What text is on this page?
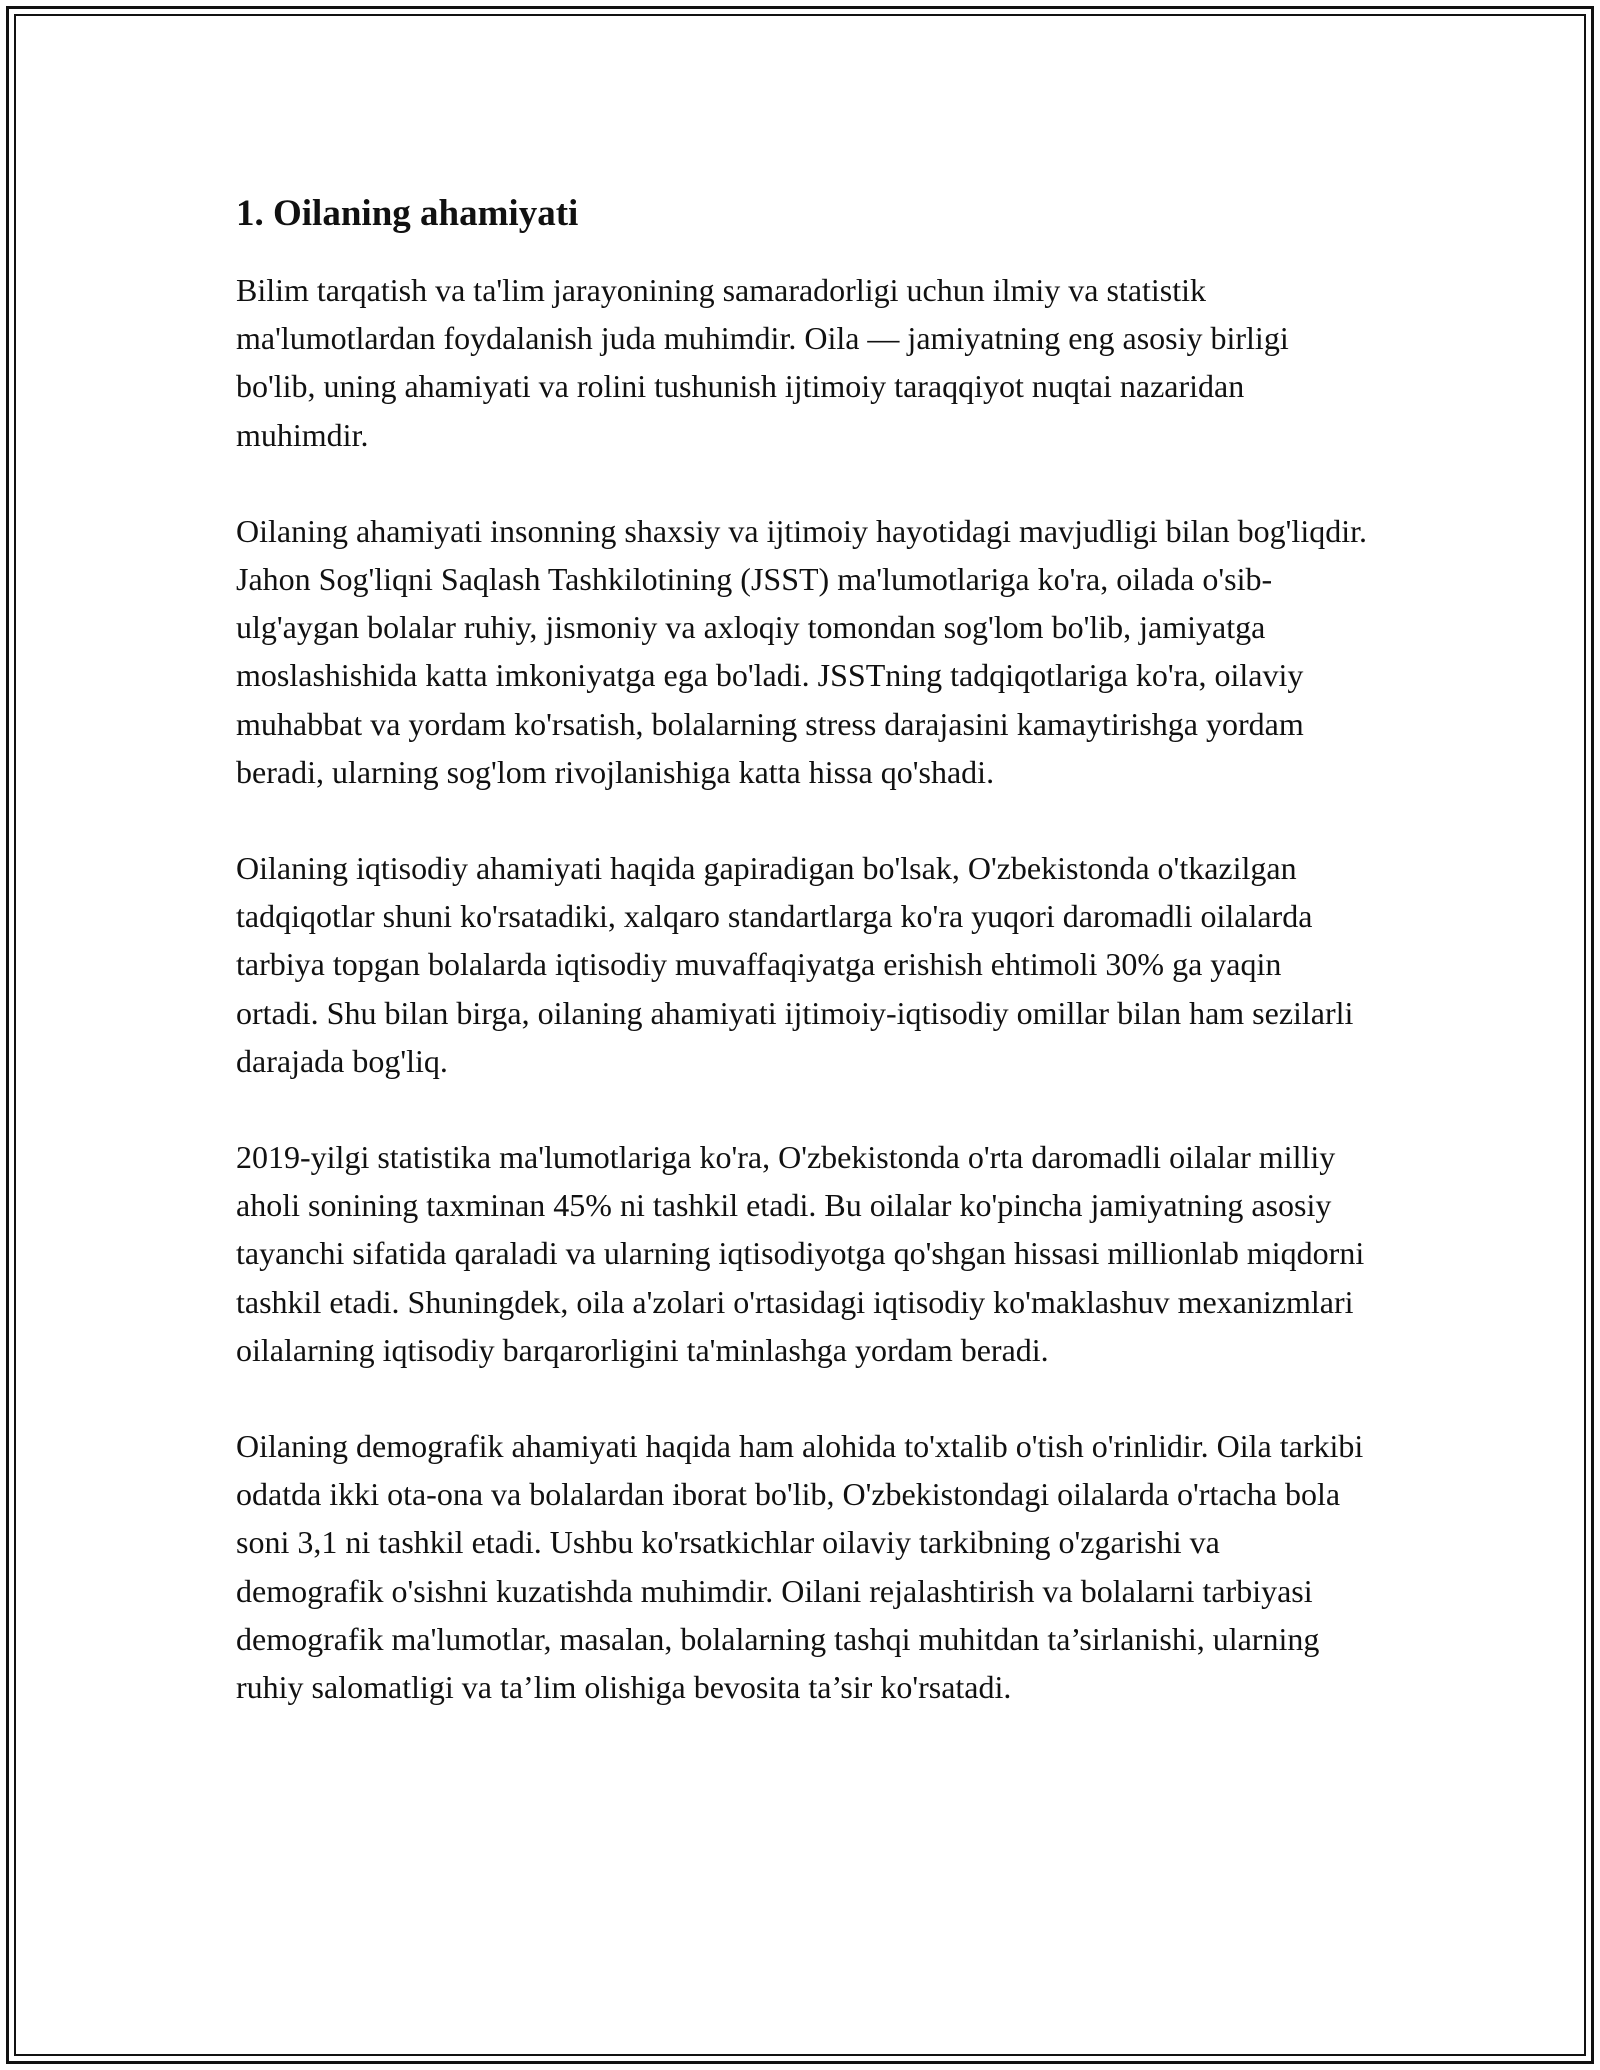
1. Oilaning ahamiyati

Bilim tarqatish va ta'lim jarayonining samaradorligi uchun ilmiy va statistik ma'lumotlardan foydalanish juda muhimdir. Oila — jamiyatning eng asosiy birligi bo'lib, uning ahamiyati va rolini tushunish ijtimoiy taraqqiyot nuqtai nazaridan muhimdir.

Oilaning ahamiyati insonning shaxsiy va ijtimoiy hayotidagi mavjudligi bilan bog'liqdir. Jahon Sog'liqni Saqlash Tashkilotining (JSST) ma'lumotlariga ko'ra, oilada o'sib-ulg'aygan bolalar ruhiy, jismoniy va axloqiy tomondan sog'lom bo'lib, jamiyatga moslashishida katta imkoniyatga ega bo'ladi. JSSTning tadqiqotlariga ko'ra, oilaviy muhabbat va yordam ko'rsatish, bolalarning stress darajasini kamaytirishga yordam beradi, ularning sog'lom rivojlanishiga katta hissa qo'shadi.

Oilaning iqtisodiy ahamiyati haqida gapiradigan bo'lsak, O'zbekistonda o'tkazilgan tadqiqotlar shuni ko'rsatadiki, xalqaro standartlarga ko'ra yuqori daromadli oilalarda tarbiya topgan bolalarda iqtisodiy muvaffaqiyatga erishish ehtimoli 30% ga yaqin ortadi. Shu bilan birga, oilaning ahamiyati ijtimoiy-iqtisodiy omillar bilan ham sezilarli darajada bog'liq.

2019-yilgi statistika ma'lumotlariga ko'ra, O'zbekistonda o'rta daromadli oilalar milliy aholi sonining taxminan 45% ni tashkil etadi. Bu oilalar ko'pincha jamiyatning asosiy tayanchi sifatida qaraladi va ularning iqtisodiyotga qo'shgan hissasi millionlab miqdorni tashkil etadi. Shuningdek, oila a'zolari o'rtasidagi iqtisodiy ko'maklashuv mexanizmlari oilalarning iqtisodiy barqarorligini ta'minlashga yordam beradi.

Oilaning demografik ahamiyati haqida ham alohida to'xtalib o'tish o'rinlidir. Oila tarkibi odatda ikki ota-ona va bolalardan iborat bo'lib, O'zbekistondagi oilalarda o'rtacha bola soni 3,1 ni tashkil etadi. Ushbu ko'rsatkichlar oilaviy tarkibning o'zgarishi va demografik o'sishni kuzatishda muhimdir. Oilani rejalashtirish va bolalarni tarbiyasi demografik ma'lumotlar, masalan, bolalarning tashqi muhitdan ta’sirlanishi, ularning ruhiy salomatligi va ta’lim olishiga bevosita ta’sir ko'rsatadi.
